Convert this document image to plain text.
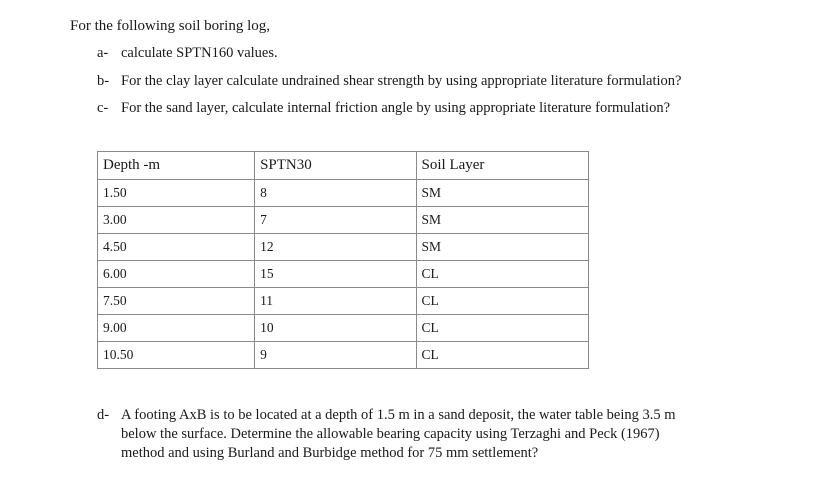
For the following soil boring log,
a- calculate SPTN160 values.
b- For the clay layer calculate undrained shear strength by using appropriate literature formulation?
c- For the sand layer, calculate internal friction angle by using appropriate literature formulation?
Depth -m	SPTN30	Soil Layer
1.50	8	SM
3.00	7	SM
4.50	12	SM
6.00	15	CL
7.50	11	CL
9.00	10	CL
10.50	9	CL
d- A footing AxB is to be located at a depth of 1.5 m in a sand deposit, the water table being 3.5 m
below the surface. Determine the allowable bearing capacity using Terzaghi and Peck (1967)
method and using Burland and Burbidge method for 75 mm settlement?
